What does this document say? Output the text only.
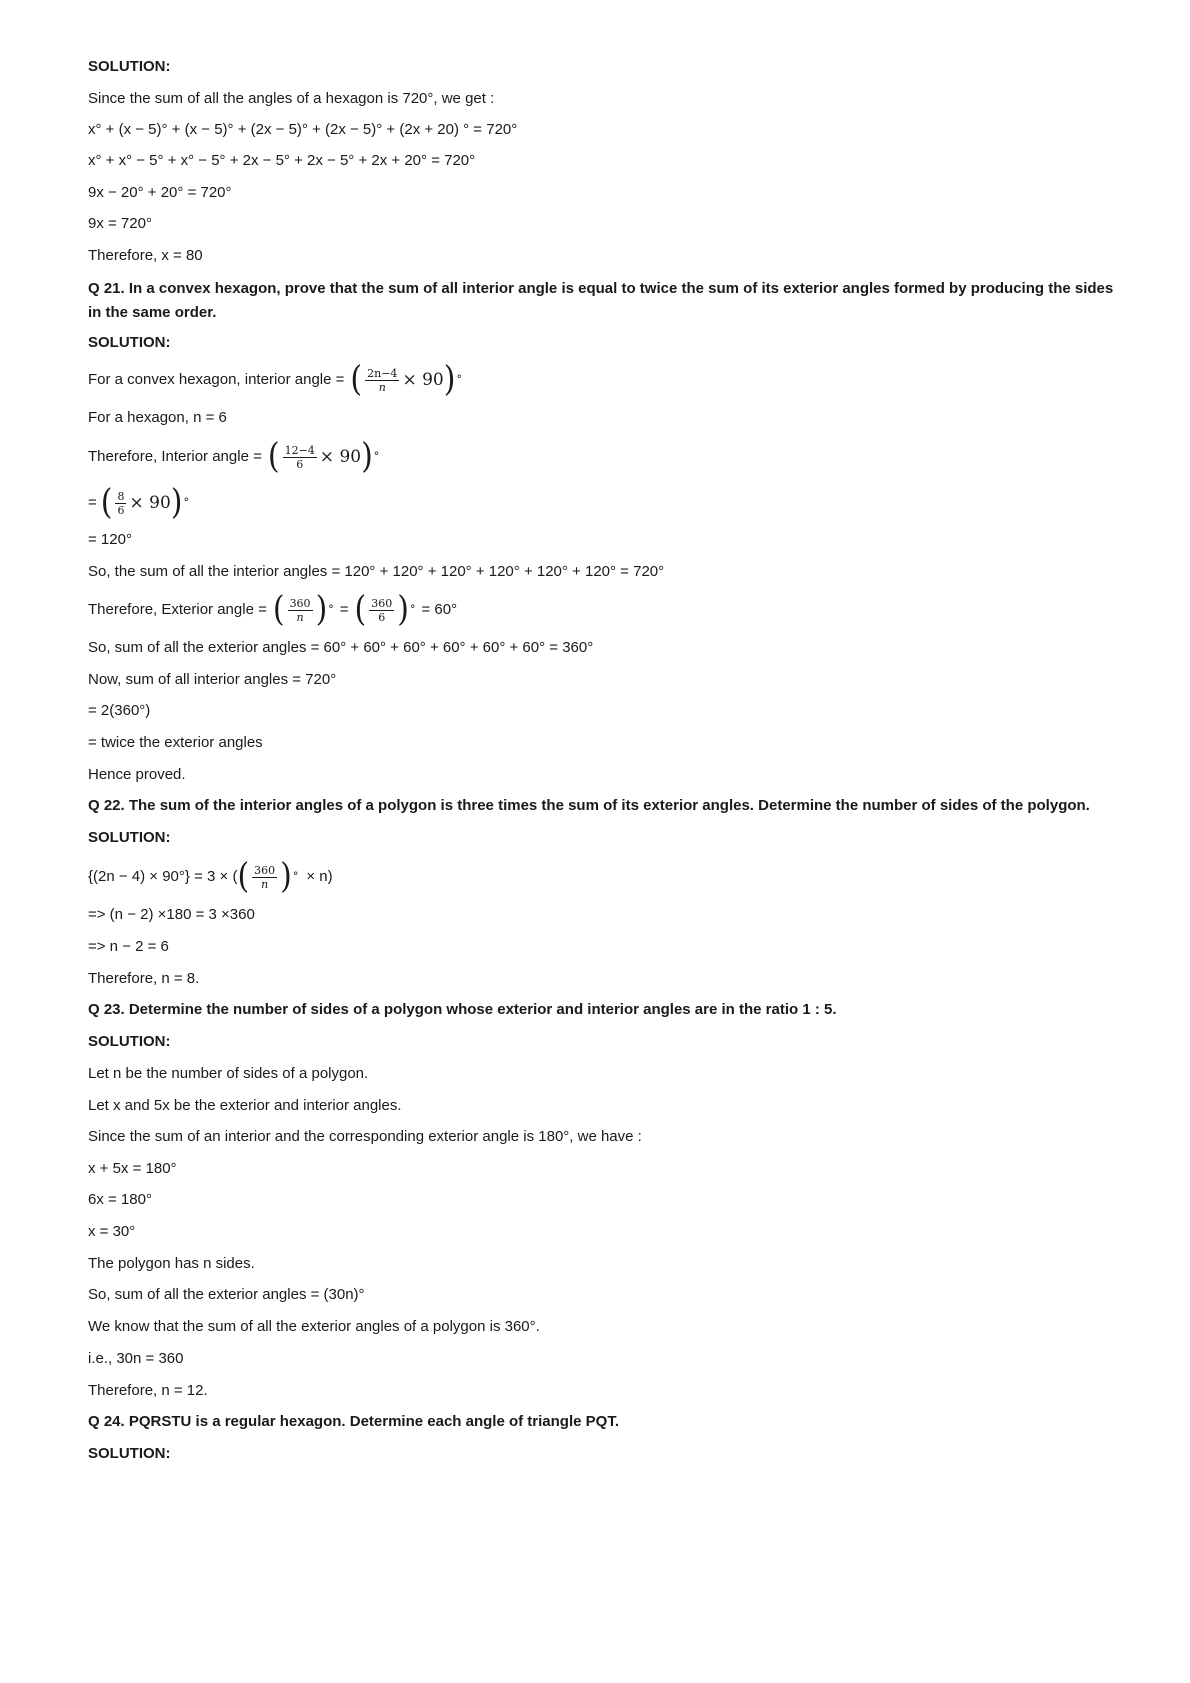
SOLUTION:
Since the sum of all the angles of a hexagon is 720°, we get :
x° + (x − 5)° + (x − 5)° + (2x − 5)° + (2x − 5)° + (2x + 20) ° = 720°
x° + x° − 5° + x° − 5° + 2x − 5° + 2x − 5° + 2x + 20° = 720°
9x − 20° + 20° = 720°
9x = 720°
Therefore, x = 80
Q 21. In a convex hexagon, prove that the sum of all interior angle is equal to twice the sum of its exterior angles formed by producing the sides in the same order.
SOLUTION:
For a convex hexagon, interior angle = ( $\frac{2n-4}{n} \times 90$ ) °
For a hexagon, n = 6
Therefore, Interior angle = ( $\frac{12-4}{6} \times 90$ ) °
= ( $\frac{8}{6} \times 90$ ) °
= 120°
So, the sum of all the interior angles = 120° + 120° + 120° + 120° + 120° + 120° = 720°
Therefore, Exterior angle = ( $\frac{360}{n}$ ) ° = ( $\frac{360}{6}$ ) ° = 60°
So, sum of all the exterior angles = 60° + 60° + 60° + 60° + 60° + 60° = 360°
Now, sum of all interior angles = 720°
= 2(360°)
= twice the exterior angles
Hence proved.
Q 22. The sum of the interior angles of a polygon is three times the sum of its exterior angles. Determine the number of sides of the polygon.
SOLUTION:
{(2n − 4) × 90°} = 3 × ( ( $\frac{360}{n}$ ) ° × n)
=> (n − 2) ×180 = 3 ×360
=> n − 2 = 6
Therefore, n = 8.
Q 23. Determine the number of sides of a polygon whose exterior and interior angles are in the ratio 1 : 5.
SOLUTION:
Let n be the number of sides of a polygon.
Let x and 5x be the exterior and interior angles.
Since the sum of an interior and the corresponding exterior angle is 180°, we have :
x + 5x = 180°
6x = 180°
x = 30°
The polygon has n sides.
So, sum of all the exterior angles = (30n)°
We know that the sum of all the exterior angles of a polygon is 360°.
i.e., 30n = 360
Therefore, n = 12.
Q 24. PQRSTU is a regular hexagon. Determine each angle of triangle PQT.
SOLUTION:
